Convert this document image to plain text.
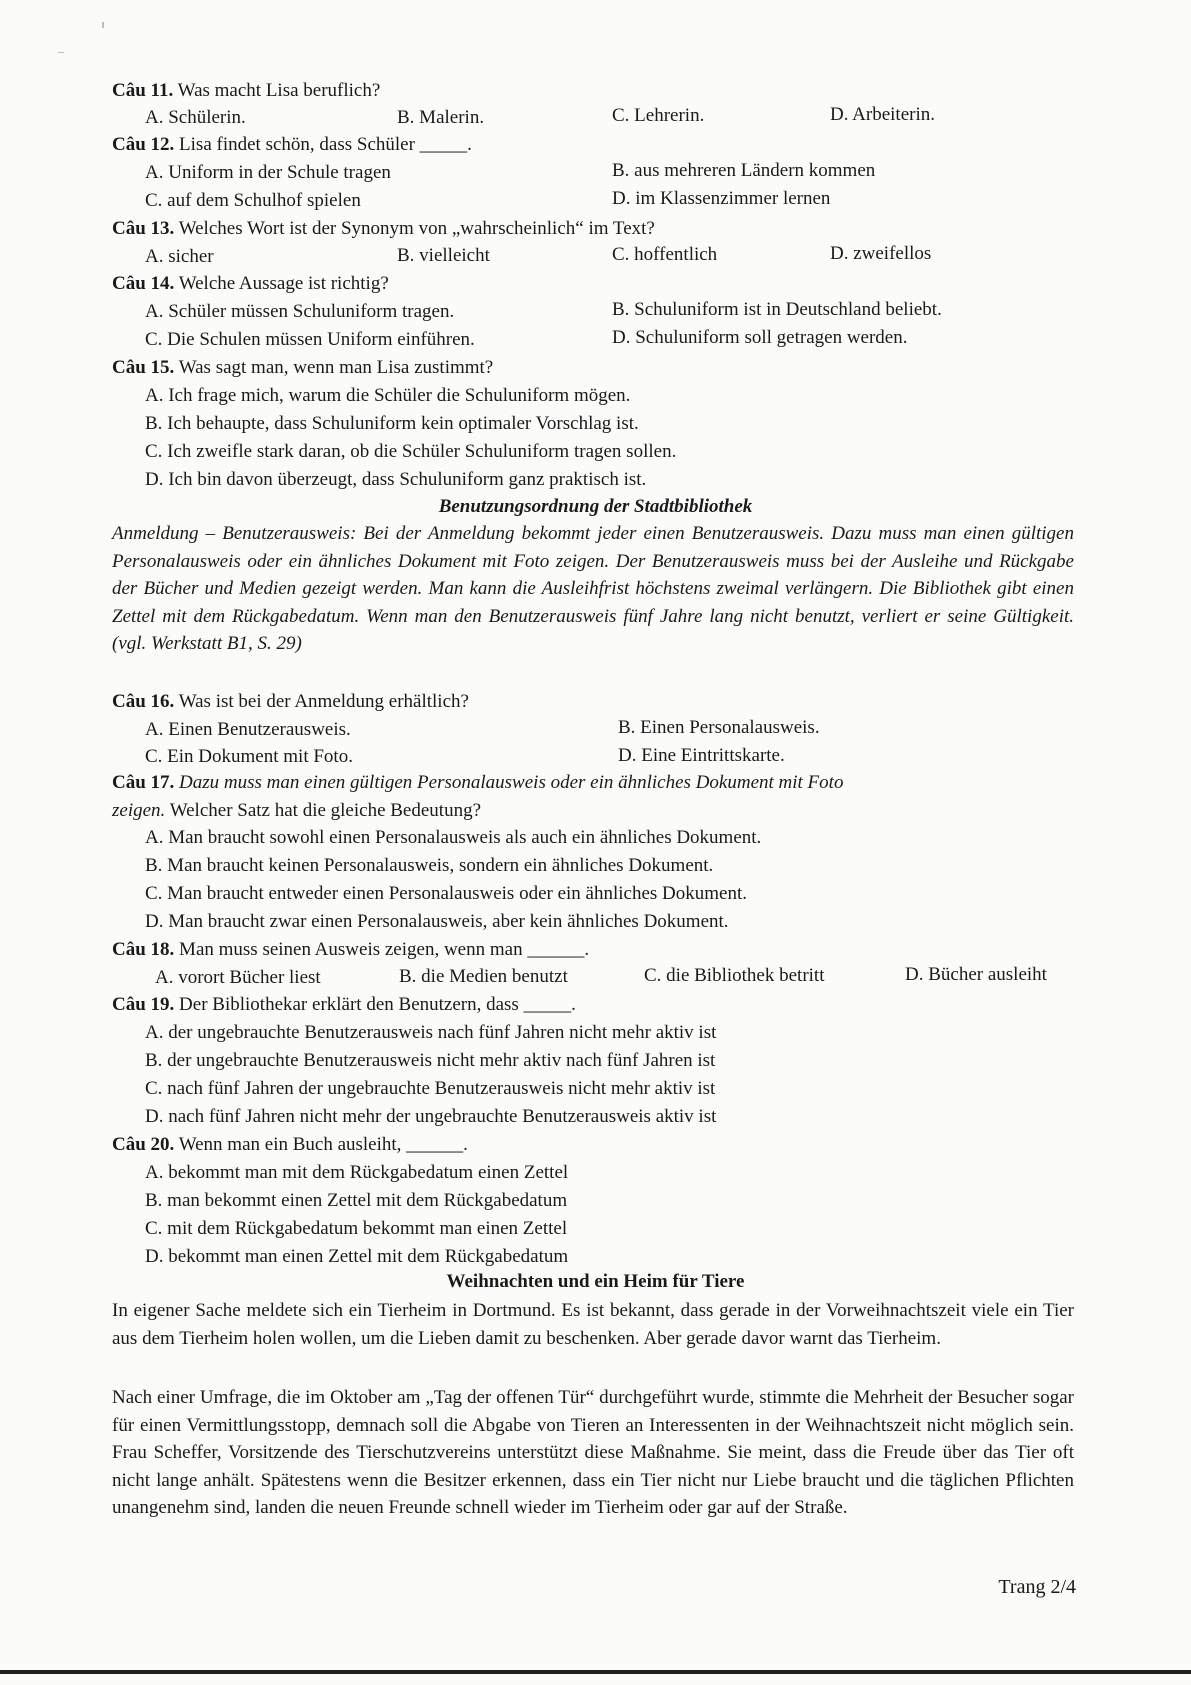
Câu 11. Was macht Lisa beruflich?
A. Schülerin.	B. Malerin.	C. Lehrerin.	D. Arbeiterin.
Câu 12. Lisa findet schön, dass Schüler _____.
A. Uniform in der Schule tragen	B. aus mehreren Ländern kommen
C. auf dem Schulhof spielen	D. im Klassenzimmer lernen
Câu 13. Welches Wort ist der Synonym von „wahrscheinlich“ im Text?
A. sicher	B. vielleicht	C. hoffentlich	D. zweifellos
Câu 14. Welche Aussage ist richtig?
A. Schüler müssen Schuluniform tragen.	B. Schuluniform ist in Deutschland beliebt.
C. Die Schulen müssen Uniform einführen.	D. Schuluniform soll getragen werden.
Câu 15. Was sagt man, wenn man Lisa zustimmt?
A. Ich frage mich, warum die Schüler die Schuluniform mögen.
B. Ich behaupte, dass Schuluniform kein optimaler Vorschlag ist.
C. Ich zweifle stark daran, ob die Schüler Schuluniform tragen sollen.
D. Ich bin davon überzeugt, dass Schuluniform ganz praktisch ist.
Benutzungsordnung der Stadtbibliothek
Anmeldung – Benutzerausweis: Bei der Anmeldung bekommt jeder einen Benutzerausweis. Dazu muss man einen gültigen Personalausweis oder ein ähnliches Dokument mit Foto zeigen. Der Benutzerausweis muss bei der Ausleihe und Rückgabe der Bücher und Medien gezeigt werden. Man kann die Ausleihfrist höchstens zweimal verlängern. Die Bibliothek gibt einen Zettel mit dem Rückgabedatum. Wenn man den Benutzerausweis fünf Jahre lang nicht benutzt, verliert er seine Gültigkeit. (vgl. Werkstatt B1, S. 29)
Câu 16. Was ist bei der Anmeldung erhältlich?
A. Einen Benutzerausweis.	B. Einen Personalausweis.
C. Ein Dokument mit Foto.	D. Eine Eintrittskarte.
Câu 17. Dazu muss man einen gültigen Personalausweis oder ein ähnliches Dokument mit Foto
zeigen. Welcher Satz hat die gleiche Bedeutung?
A. Man braucht sowohl einen Personalausweis als auch ein ähnliches Dokument.
B. Man braucht keinen Personalausweis, sondern ein ähnliches Dokument.
C. Man braucht entweder einen Personalausweis oder ein ähnliches Dokument.
D. Man braucht zwar einen Personalausweis, aber kein ähnliches Dokument.
Câu 18. Man muss seinen Ausweis zeigen, wenn man ______.
A. vorort Bücher liest	B. die Medien benutzt	C. die Bibliothek betritt	D. Bücher ausleiht
Câu 19. Der Bibliothekar erklärt den Benutzern, dass _____.
A. der ungebrauchte Benutzerausweis nach fünf Jahren nicht mehr aktiv ist
B. der ungebrauchte Benutzerausweis nicht mehr aktiv nach fünf Jahren ist
C. nach fünf Jahren der ungebrauchte Benutzerausweis nicht mehr aktiv ist
D. nach fünf Jahren nicht mehr der ungebrauchte Benutzerausweis aktiv ist
Câu 20. Wenn man ein Buch ausleiht, ______.
A. bekommt man mit dem Rückgabedatum einen Zettel
B. man bekommt einen Zettel mit dem Rückgabedatum
C. mit dem Rückgabedatum bekommt man einen Zettel
D. bekommt man einen Zettel mit dem Rückgabedatum
Weihnachten und ein Heim für Tiere
In eigener Sache meldete sich ein Tierheim in Dortmund. Es ist bekannt, dass gerade in der Vorweihnachtszeit viele ein Tier aus dem Tierheim holen wollen, um die Lieben damit zu beschenken. Aber gerade davor warnt das Tierheim.
Nach einer Umfrage, die im Oktober am „Tag der offenen Tür“ durchgeführt wurde, stimmte die Mehrheit der Besucher sogar für einen Vermittlungsstopp, demnach soll die Abgabe von Tieren an Interessenten in der Weihnachtszeit nicht möglich sein. Frau Scheffer, Vorsitzende des Tierschutzvereins unterstützt diese Maßnahme. Sie meint, dass die Freude über das Tier oft nicht lange anhält. Spätestens wenn die Besitzer erkennen, dass ein Tier nicht nur Liebe braucht und die täglichen Pflichten unangenehm sind, landen die neuen Freunde schnell wieder im Tierheim oder gar auf der Straße.
Trang 2/4
